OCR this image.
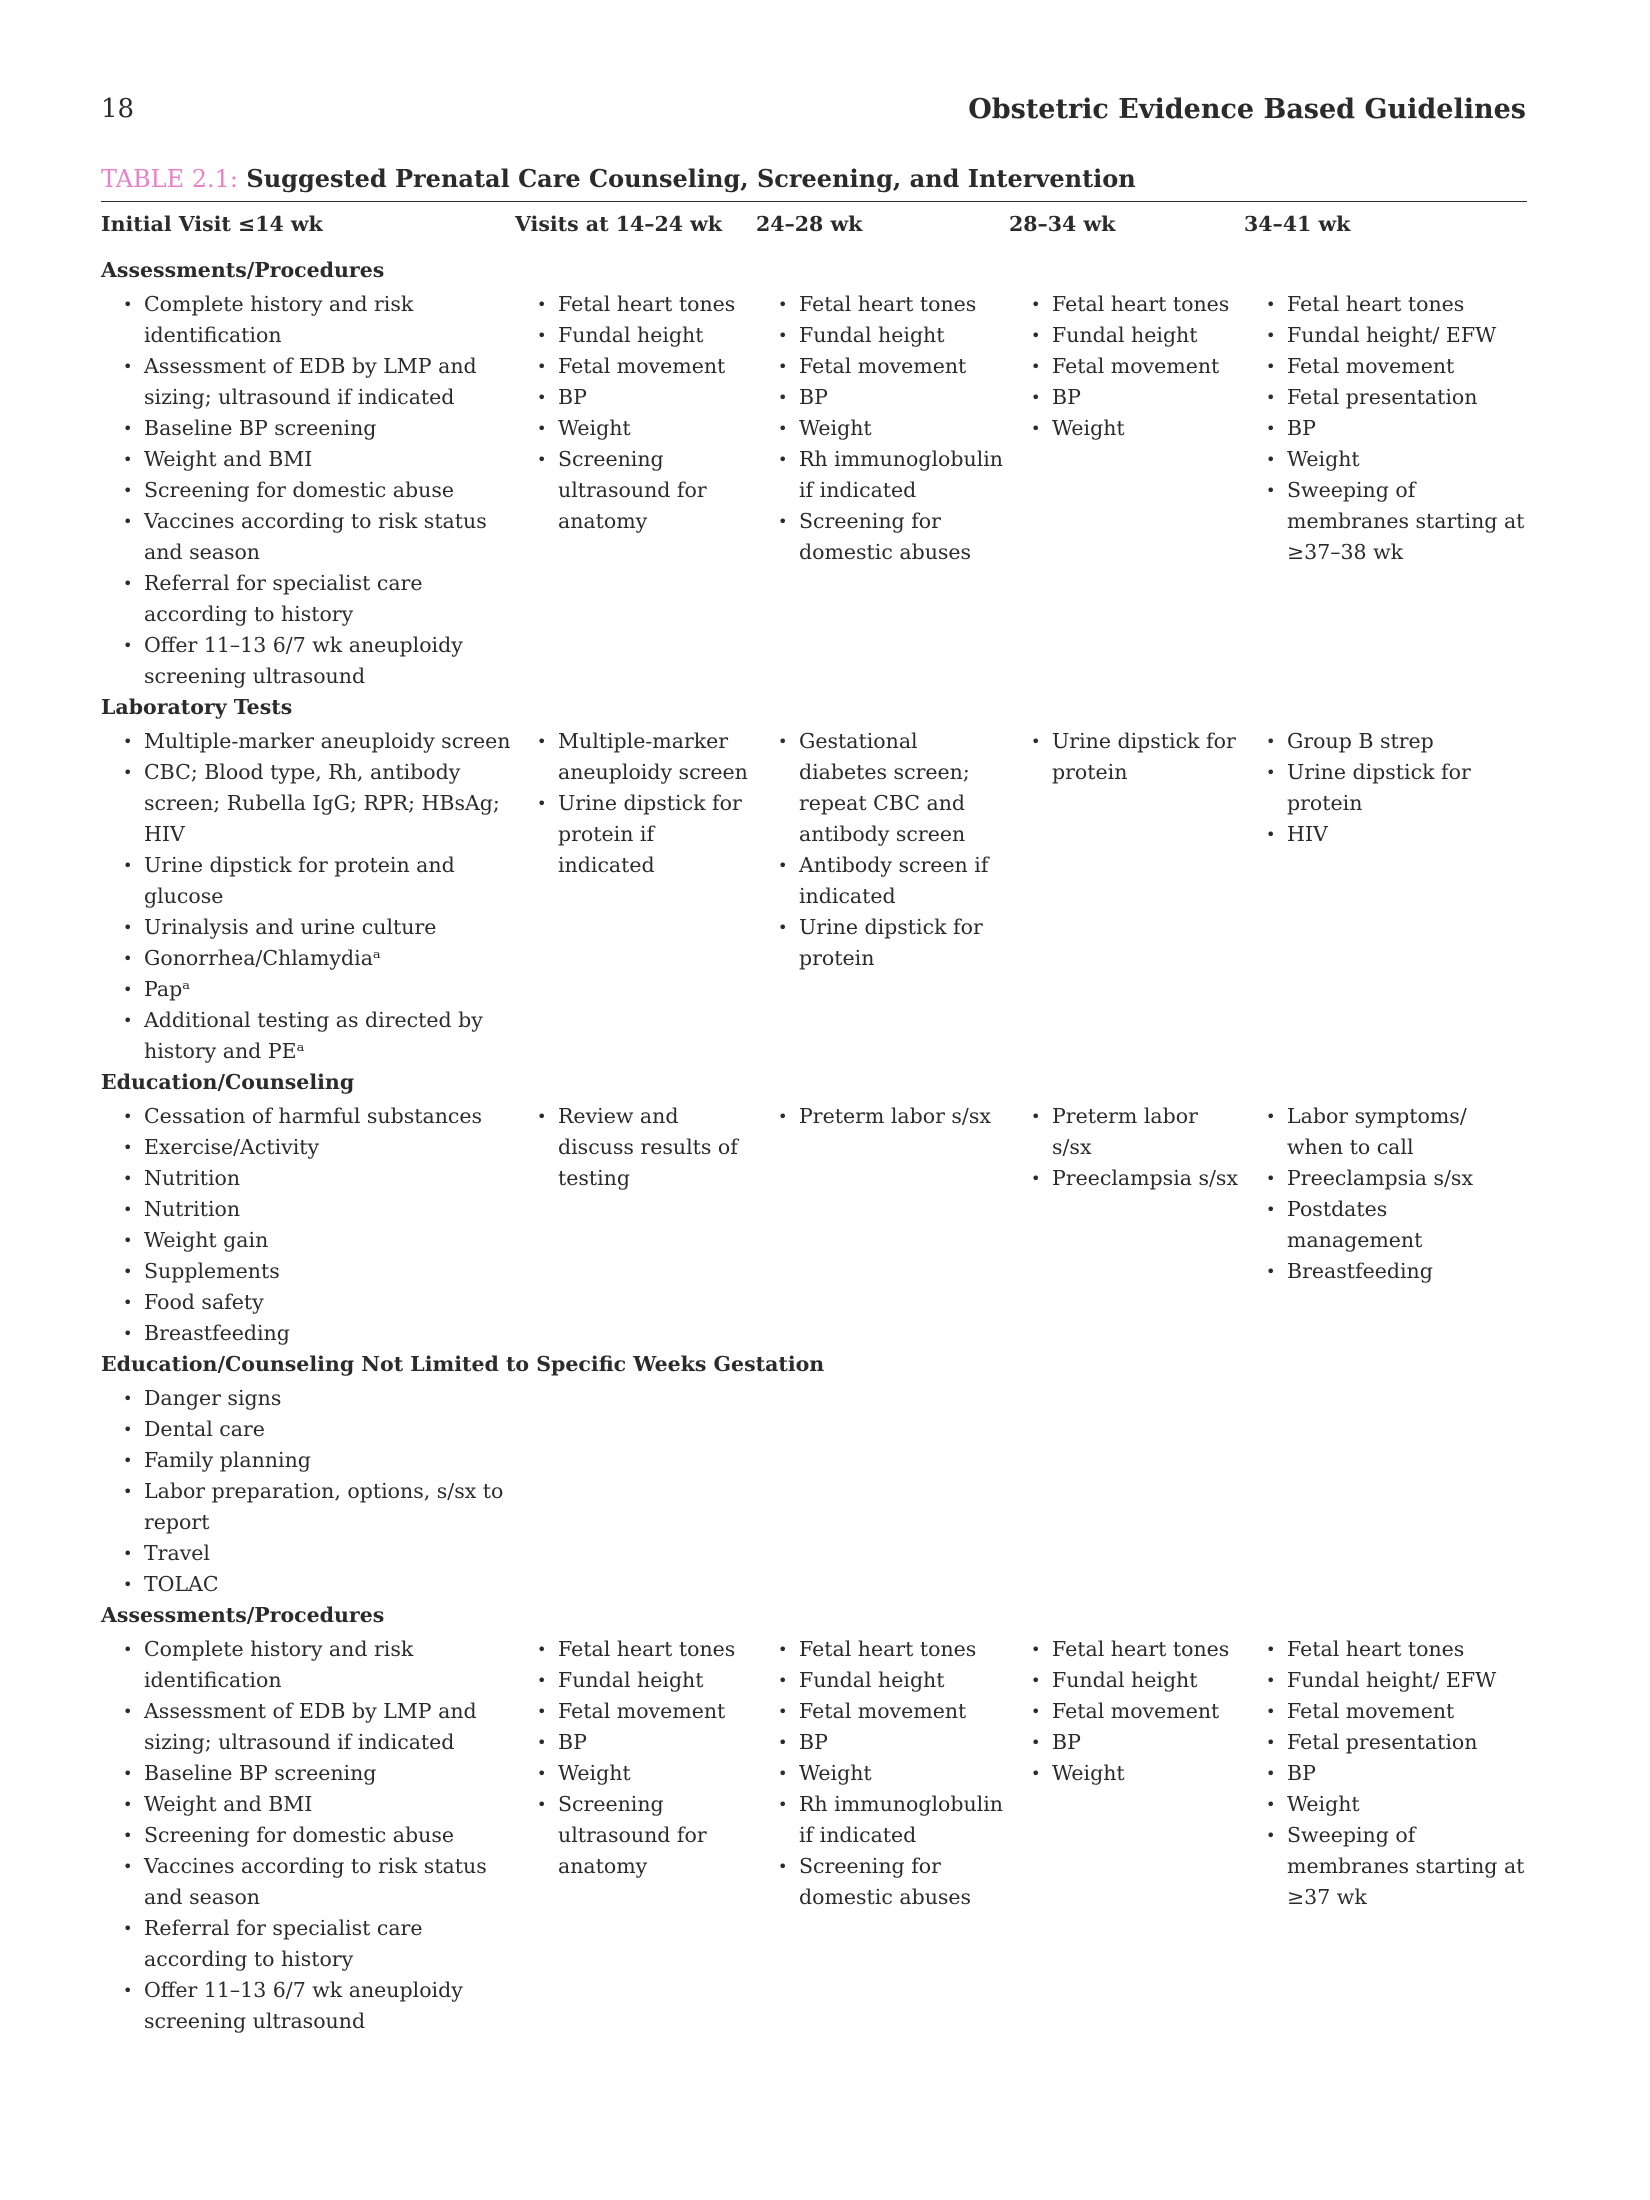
18	Obstetric Evidence Based Guidelines
TABLE 2.1: Suggested Prenatal Care Counseling, Screening, and Intervention
Initial Visit ≤14 wk	Visits at 14–24 wk 24–28 wk	28–34 wk	34–41 wk
Assessments/Procedures
• Complete history and risk identification
• Assessment of EDB by LMP and sizing; ultrasound if indicated
• Baseline BP screening
• Weight and BMI
• Screening for domestic abuse
• Vaccines according to risk status and season
• Referral for specialist care according to history
• Offer 11–13 6/7 wk aneuploidy screening ultrasound
• Fetal heart tones
• Fundal height
• Fetal movement
• BP
• Weight
• Screening ultrasound for anatomy
• Fetal heart tones
• Fundal height
• Fetal movement
• BP
• Weight
• Rh immunoglobulin if indicated
• Screening for domestic abuses
• Fetal heart tones
• Fundal height
• Fetal movement
• BP
• Weight
• Fetal heart tones
• Fundal height/ EFW
• Fetal movement
• Fetal presentation
• BP
• Weight
• Sweeping of membranes starting at ≥37–38 wk
Laboratory Tests
• Multiple-marker aneuploidy screen
• CBC; Blood type, Rh, antibody screen; Rubella IgG; RPR; HBsAg; HIV
• Urine dipstick for protein and glucose
• Urinalysis and urine culture
• Gonorrhea/Chlamydiaᵃ
• Papᵃ
• Additional testing as directed by history and PEᵃ
• Multiple-marker aneuploidy screen
• Urine dipstick for protein if indicated
• Gestational diabetes screen; repeat CBC and antibody screen
• Antibody screen if indicated
• Urine dipstick for protein
• Urine dipstick for protein
• Group B strep
• Urine dipstick for protein
• HIV
Education/Counseling
• Cessation of harmful substances
• Exercise/Activity
• Nutrition
• Nutrition
• Weight gain
• Supplements
• Food safety
• Breastfeeding
• Review and discuss results of testing
• Preterm labor s/sx
•	Preterm labor s/sx
• Preeclampsia s/sx
• Labor symptoms/ when to call
• Preeclampsia s/sx
• Postdates management
• Breastfeeding
Education/Counseling Not Limited to Specific Weeks Gestation
• Danger signs
• Dental care
• Family planning
• Labor preparation, options, s/sx to report
• Travel
• TOLAC
Assessments/Procedures
• Complete history and risk identification
• Assessment of EDB by LMP and sizing; ultrasound if indicated
• Baseline BP screening
• Weight and BMI
• Screening for domestic abuse
• Vaccines according to risk status and season
• Referral for specialist care according to history
• Offer 11–13 6/7 wk aneuploidy screening ultrasound
• Fetal heart tones
• Fundal height
• Fetal movement
• BP
• Weight
• Screening ultrasound for anatomy
• Fetal heart tones
• Fundal height
• Fetal movement
• BP
• Weight
• Rh immunoglobulin if indicated
• Screening for domestic abuses
• Fetal heart tones
• Fundal height
• Fetal movement
• BP
• Weight
• Fetal heart tones
• Fundal height/ EFW
• Fetal movement
• Fetal presentation
• BP
• Weight
• Sweeping of membranes starting at ≥37 wk
